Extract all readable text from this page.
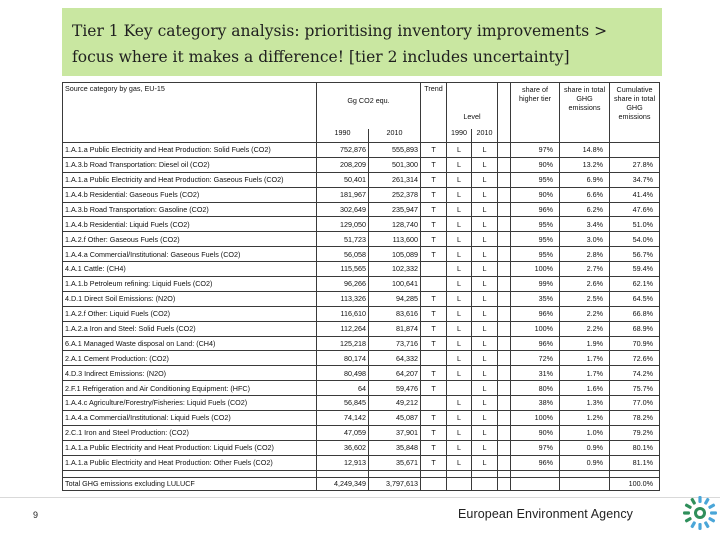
Tier 1 Key category analysis: prioritising inventory improvements > focus where it makes a difference! [tier 2 includes uncertainty]
Source category by gas, EU-15	Gg CO2 equ.		Trend	Level			share of higher tier	share in total GHG emissions	Cumulative share in total GHG emissions
	1990	2010		1990	2010				
1.A.1.a Public Electricity and Heat Production: Solid Fuels (CO2)	752,876	555,893	T	L	L		97%	14.8%	
1.A.3.b Road Transportation: Diesel oil (CO2)	208,209	501,300	T	L	L		90%	13.2%	27.8%
1.A.1.a Public Electricity and Heat Production: Gaseous Fuels (CO2)	50,401	261,314	T	L	L		95%	6.9%	34.7%
1.A.4.b Residential: Gaseous Fuels (CO2)	181,967	252,378	T	L	L		90%	6.6%	41.4%
1.A.3.b Road Transportation: Gasoline (CO2)	302,649	235,947	T	L	L		96%	6.2%	47.6%
1.A.4.b Residential: Liquid Fuels (CO2)	129,050	128,740	T	L	L		95%	3.4%	51.0%
1.A.2.f Other: Gaseous Fuels (CO2)	51,723	113,600	T	L	L		95%	3.0%	54.0%
1.A.4.a Commercial/Institutional: Gaseous Fuels (CO2)	56,058	105,089	T	L	L		95%	2.8%	56.7%
4.A.1 Cattle: (CH4)	115,565	102,332		L	L		100%	2.7%	59.4%
1.A.1.b Petroleum refining: Liquid Fuels (CO2)	96,266	100,641		L	L		99%	2.6%	62.1%
4.D.1 Direct Soil Emissions: (N2O)	113,326	94,285	T	L	L		35%	2.5%	64.5%
1.A.2.f Other: Liquid Fuels (CO2)	116,610	83,616	T	L	L		96%	2.2%	66.8%
1.A.2.a Iron and Steel: Solid Fuels (CO2)	112,264	81,874	T	L	L		100%	2.2%	68.9%
6.A.1 Managed Waste disposal on Land: (CH4)	125,218	73,716	T	L	L		96%	1.9%	70.9%
2.A.1 Cement Production: (CO2)	80,174	64,332		L	L		72%	1.7%	72.6%
4.D.3 Indirect Emissions: (N2O)	80,498	64,207	T	L	L		31%	1.7%	74.2%
2.F.1 Refrigeration and Air Conditioning Equipment: (HFC)	64	59,476	T		L		80%	1.6%	75.7%
1.A.4.c Agriculture/Forestry/Fisheries: Liquid Fuels (CO2)	56,845	49,212		L	L		38%	1.3%	77.0%
1.A.4.a Commercial/Institutional: Liquid Fuels (CO2)	74,142	45,087	T	L	L		100%	1.2%	78.2%
2.C.1 Iron and Steel Production: (CO2)	47,059	37,901	T	L	L		90%	1.0%	79.2%
1.A.1.a Public Electricity and Heat Production: Liquid Fuels (CO2)	36,602	35,848	T	L	L		97%	0.9%	80.1%
1.A.1.a Public Electricity and Heat Production: Other Fuels (CO2)	12,913	35,671	T	L	L		96%	0.9%	81.1%

Total GHG emissions excluding LULUCF	4,249,349	3,797,613							100.0%
9	European Environment Agency
